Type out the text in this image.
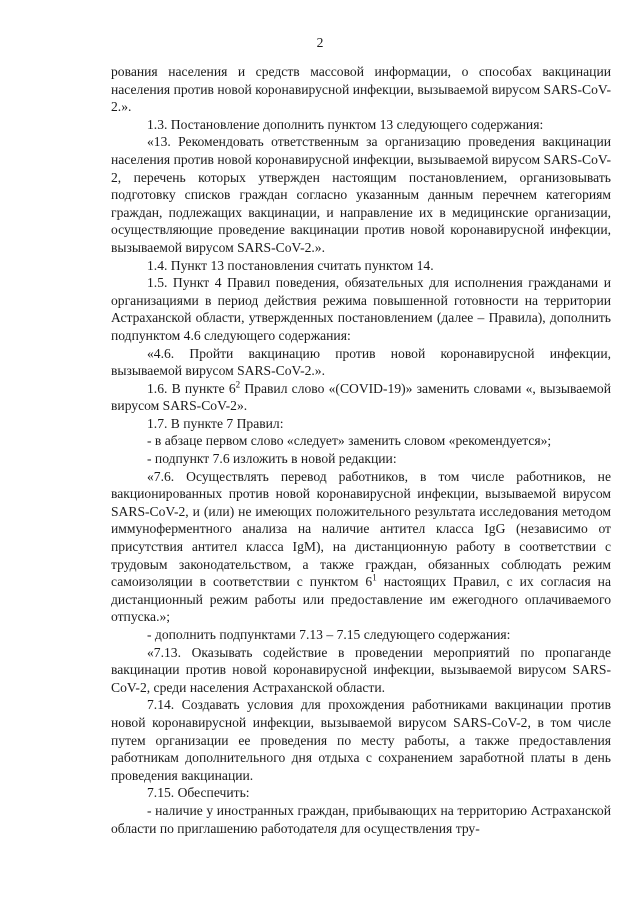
2

рования населения и средств массовой информации, о способах вакцинации населения против новой коронавирусной инфекции, вызываемой вирусом SARS-CoV-2.».

1.3. Постановление дополнить пунктом 13 следующего содержания:

«13. Рекомендовать ответственным за организацию проведения вакцинации населения против новой коронавирусной инфекции, вызываемой вирусом SARS-CoV-2, перечень которых утвержден настоящим постановлением, организовывать подготовку списков граждан согласно указанным данным перечнем категориям граждан, подлежащих вакцинации, и направление их в медицинские организации, осуществляющие проведение вакцинации против новой коронавирусной инфекции, вызываемой вирусом SARS-CoV-2.».

1.4. Пункт 13 постановления считать пунктом 14.

1.5. Пункт 4 Правил поведения, обязательных для исполнения гражданами и организациями в период действия режима повышенной готовности на территории Астраханской области, утвержденных постановлением (далее – Правила), дополнить подпунктом 4.6 следующего содержания:

«4.6. Пройти вакцинацию против новой коронавирусной инфекции, вызываемой вирусом SARS-CoV-2.».

1.6. В пункте $6^2$ Правил слово «(COVID-19)» заменить словами «, вызываемой вирусом SARS-CoV-2».

1.7. В пункте 7 Правил:

- в абзаце первом слово «следует» заменить словом «рекомендуется»;

- подпункт 7.6 изложить в новой редакции:

«7.6. Осуществлять перевод работников, в том числе работников, не вакционированных против новой коронавирусной инфекции, вызываемой вирусом SARS-CoV-2, и (или) не имеющих положительного результата исследования методом иммуноферментного анализа на наличие антител класса IgG (независимо от присутствия антител класса IgM), на дистанционную работу в соответствии с трудовым законодательством, а также граждан, обязанных соблюдать режим самоизоляции в соответствии с пунктом $6^1$ настоящих Правил, с их согласия на дистанционный режим работы или предоставление им ежегодного оплачиваемого отпуска.»;

- дополнить подпунктами 7.13 – 7.15 следующего содержания:

«7.13. Оказывать содействие в проведении мероприятий по пропаганде вакцинации против новой коронавирусной инфекции, вызываемой вирусом SARS-CoV-2, среди населения Астраханской области.

7.14. Создавать условия для прохождения работниками вакцинации против новой коронавирусной инфекции, вызываемой вирусом SARS-CoV-2, в том числе путем организации ее проведения по месту работы, а также предоставления работникам дополнительного дня отдыха с сохранением заработной платы в день проведения вакцинации.

7.15. Обеспечить:

- наличие у иностранных граждан, прибывающих на территорию Астраханской области по приглашению работодателя для осуществления тру-
